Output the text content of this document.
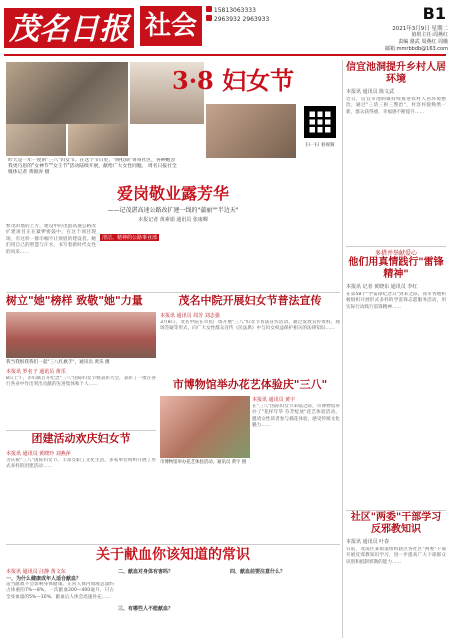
茂名日报 社会
15813063333
2963932 2963933	B1
2021年3月9日 星期二
值班主任:周燕红
责编 骆武 周燕红 周娥
邮箱:mmrbbdb@163.com
3·8 妇女节
扫一扫 看视频
昨天是一年一度的"三八"妇女节。在这个节日里，"映桂硕"寄寄社区，各种她舍我更巧思的"女神节""女王节"活动陆续开展，献给广大女性同胞。 周名日报社全媒体记者 黄锦涛 摄
信宜池洞提升乡村人居环境
本报讯 通讯员 陈文武
近日，信宜市池洞镇持续推进农村人居环境整治，通过"三清三拆三整治"，村容村貌焕然一新，群众获得感、幸福感不断提升……
多措并举献爱心
他们用真情践行"雷锋精神"
本报讯 记者 黄晓东 通讯员 李红
在第58个"学雷锋纪念日"到来之际，我市各地积极组织开展形式多样的学雷锋志愿服务活动，用实际行动践行雷锋精神……
社区"两委"干部学习反邪教知识
本报讯 通讯员 叶春
日前，茂南区某街道组织辖区各社区"两委"干部开展反邪教知识学习，进一步提高广大干部群众识别和抵制邪教的能力……
爱岗敬业露芳华
——记茂湛高速公路改扩建一线的"蒲丽""半边天"
本报记者 黄素娟 通讯员 张康卿
繁茂的墙的上方，建设中的茂湛高速公路改扩建项目正在紧锣密鼓中，在这个项目现场，有这样一群巾帼不让须眉的建设者。她们用自己的智慧与汗水，书写着新时代女性的风采……
清洁、精神的公路事业部
树立"她"榜样 致敬"她"力量
我当我恨我我们一起"三八红旗手"，通讯员 黄乐 摄
本报讯 罗名子 通讯员 黄乐
8日上午，市妇联召开纪念"三八"国际妇女节暨表彰大会，表彰了一批在各行各业中作出突出贡献的先进集体和个人……
茂名中院开展妇女节普法宣传
本报讯 通讯员 周芳 刘志强
3月8日，茂名中院在市民广场开展"三八"妇女节普法宣传活动，通过发放宣传资料、现场答疑等形式，向广大女性群众宣传《民法典》中与妇女权益保护相关的法律知识……
市博物馆举办花艺体验庆"三八"
市博物馆举办花艺体验活动。通讯员 黄宇 摄
本报讯 通讯员 黄宇
在"三八"国际妇女节来临之际，市博物馆举办了"花样年华 芬芳绽放"花艺体验活动，邀请女性读者参与插花体验，感受传统文化魅力……
团建活动欢庆妇女节
本报讯 通讯员 黄晓玲 刘燕萍
为庆祝"三八"国际妇女节，丰富女职工文化生活，多家单位组织开展了形式多样的团建活动……
关于献血你该知道的常识
本报讯 通讯员 汪静 黄文东
一、为什么健康成年人适合献血？
适当献血不会影响身体健康。正常人体内血液总量约占体重的7%—8%，一次献血200—400毫升，只占全身血量的5%—10%，献血后人体会迅速补充……
二、献血对身体有害吗？
三、有哪些人不能献血？
四、献血前要注意什么？
